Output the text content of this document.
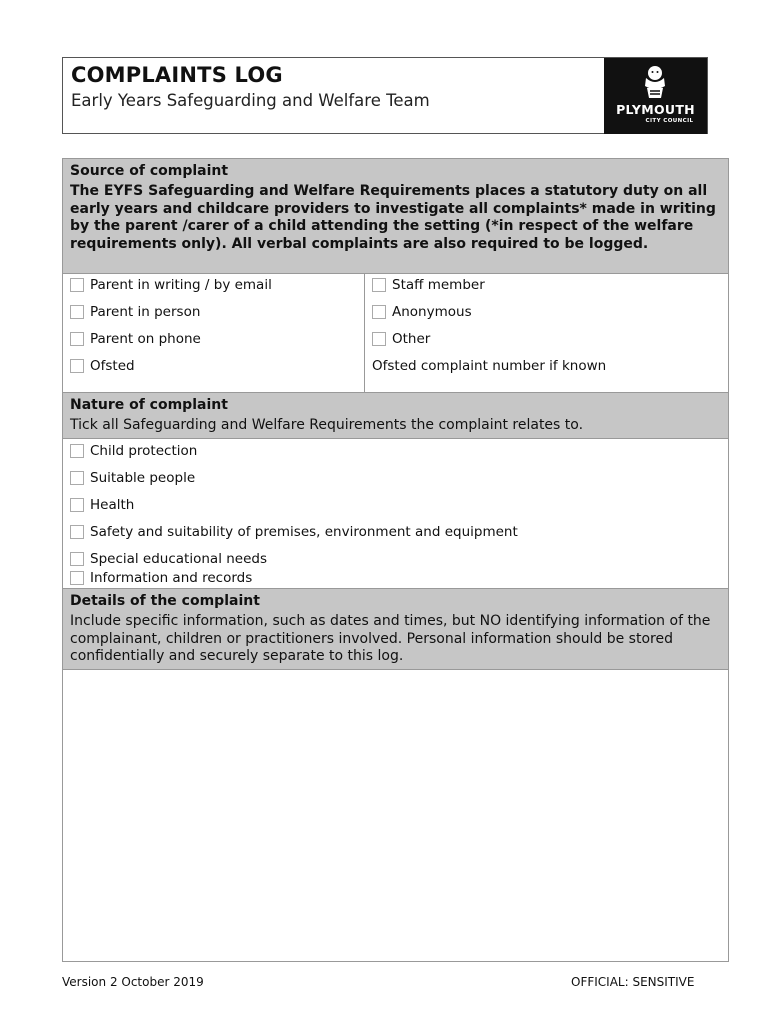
COMPLAINTS LOG
Early Years Safeguarding and Welfare Team	PLYMOUTH
CITY COUNCIL
Source of complaint
The EYFS Safeguarding and Welfare Requirements places a statutory duty on all early years and childcare providers to investigate all complaints* made in writing by the parent /carer of a child attending the setting (*in respect of the welfare requirements only). All verbal complaints are also required to be logged.
Parent in writing / by email
Parent in person
Parent on phone
Ofsted
Staff member
Anonymous
Other
Ofsted complaint number if known
Nature of complaint
Tick all Safeguarding and Welfare Requirements the complaint relates to.
Child protection
Suitable people
Health
Safety and suitability of premises, environment and equipment
Special educational needs
Information and records
Details of the complaint
Include specific information, such as dates and times, but NO identifying information of the complainant, children or practitioners involved. Personal information should be stored confidentially and securely separate to this log.
Version 2 October 2019	OFFICIAL: SENSITIVE
